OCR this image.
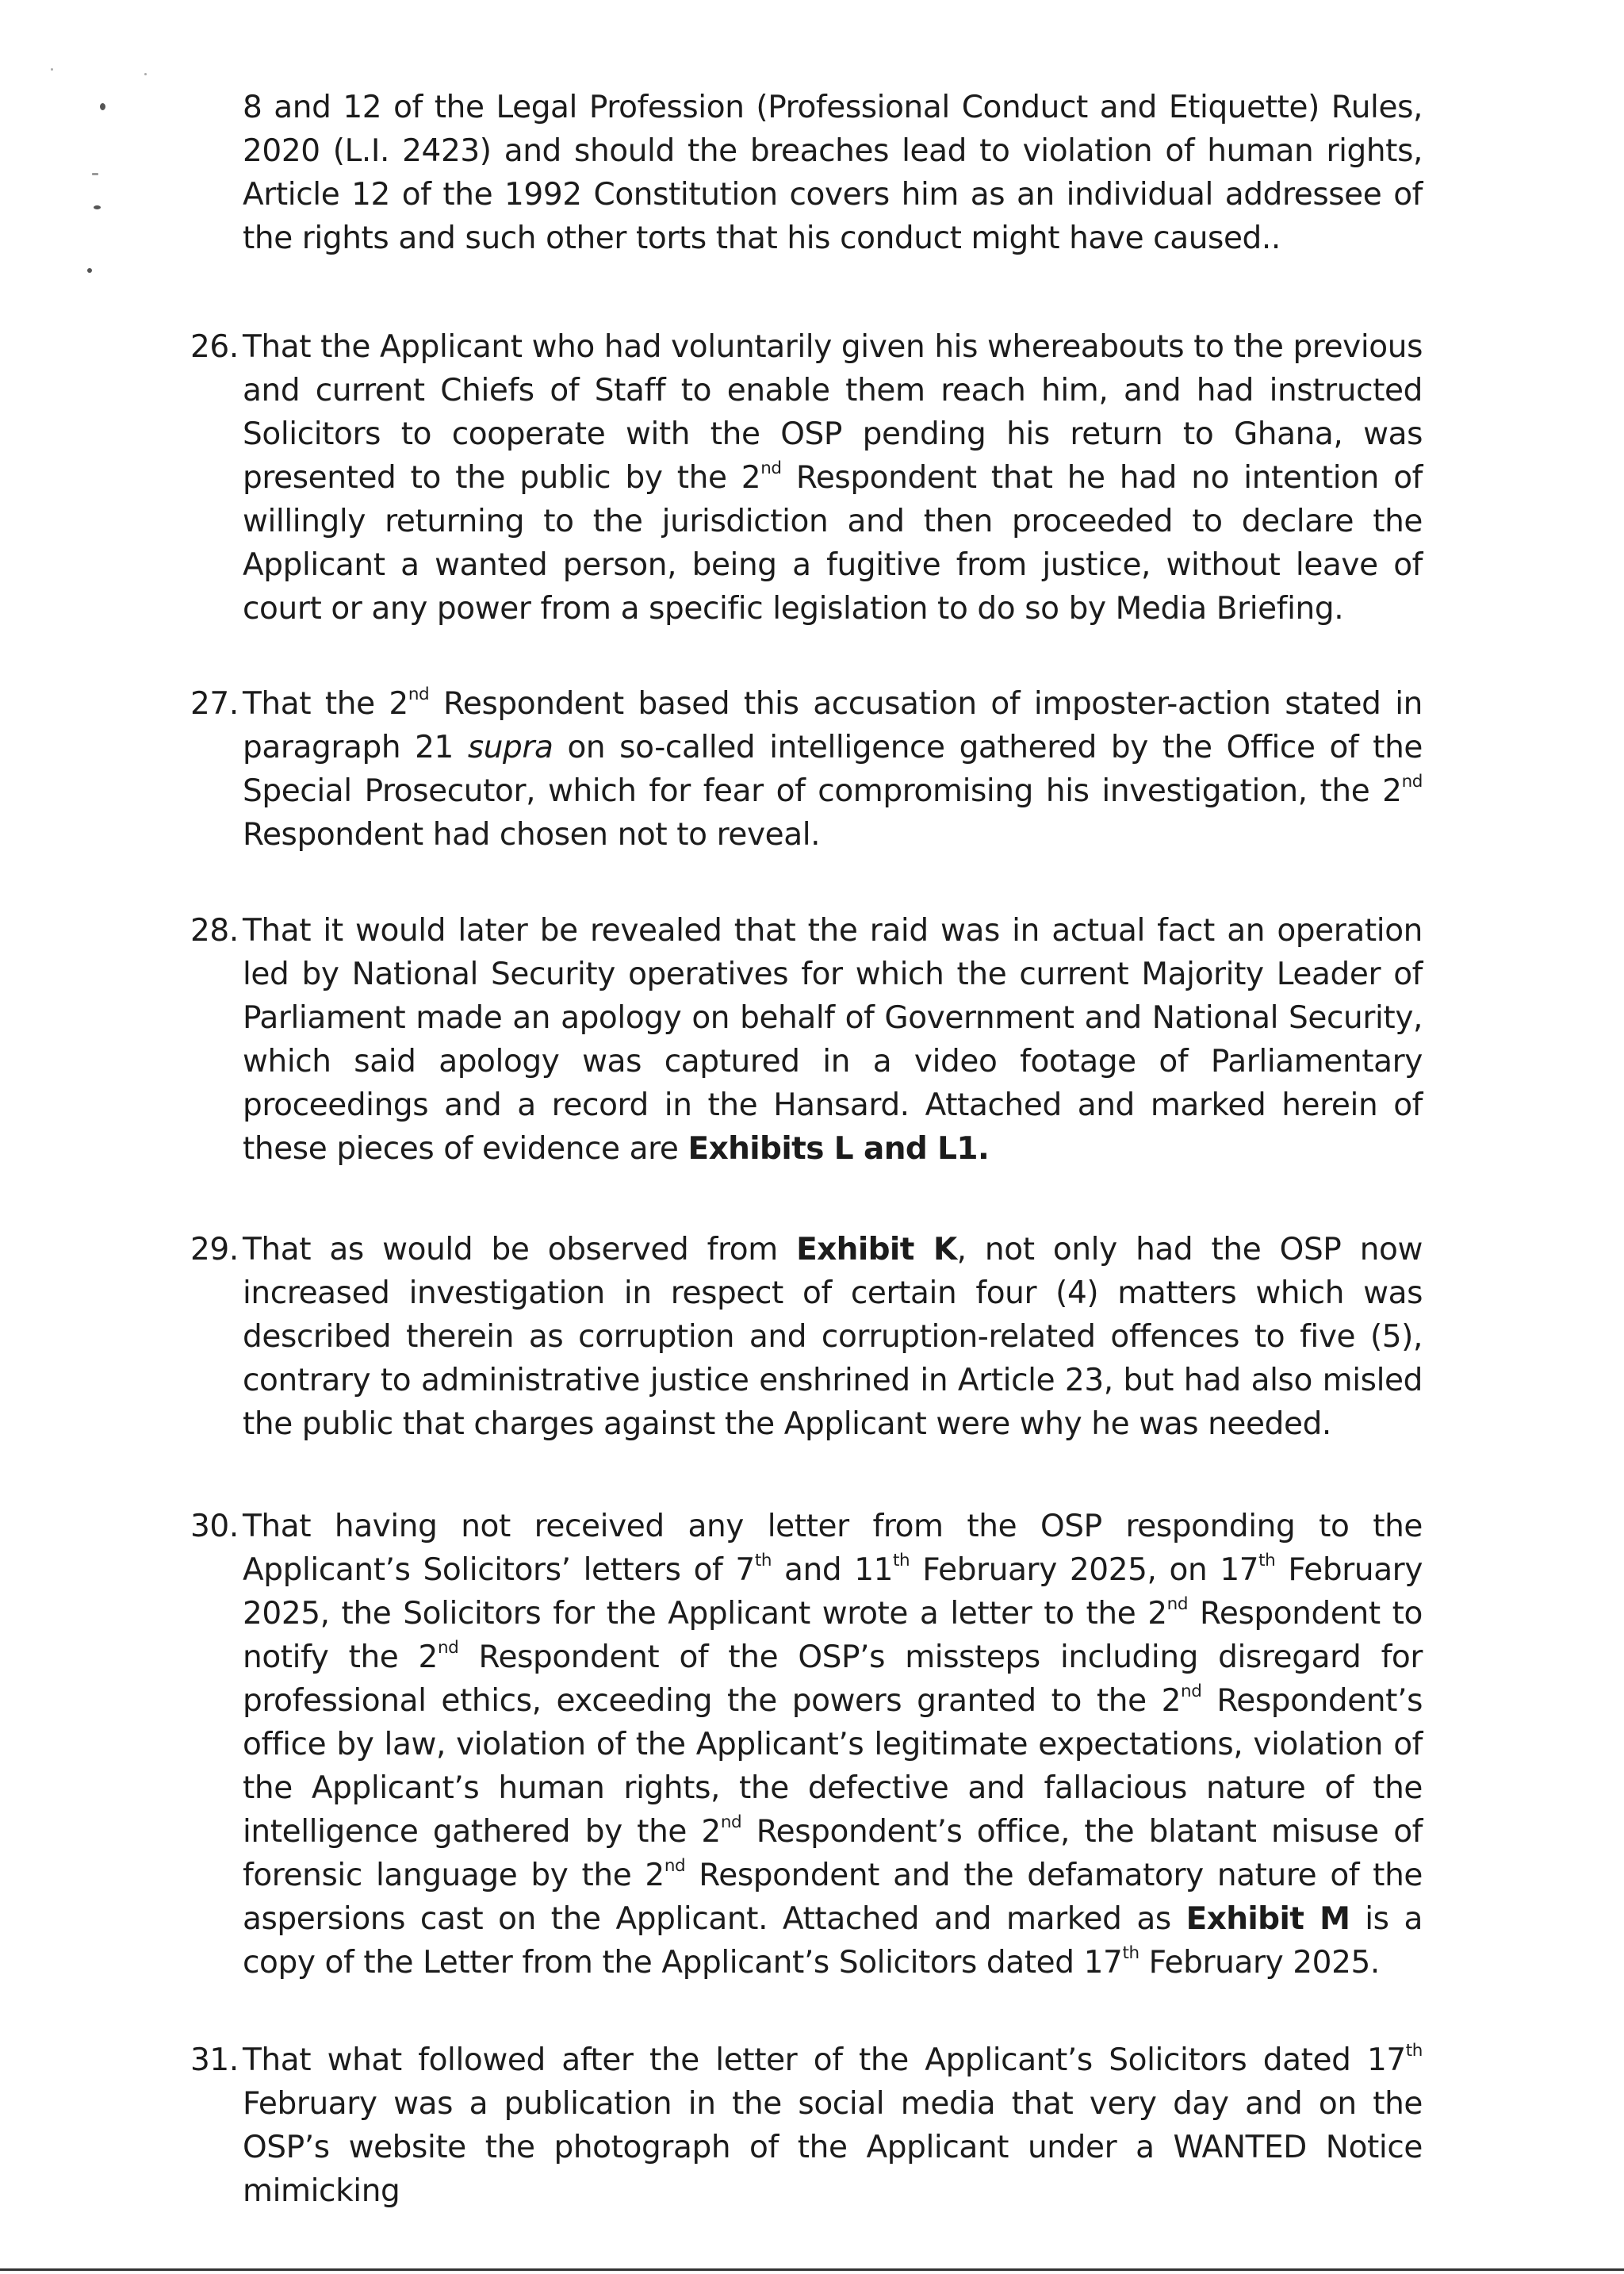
8 and 12 of the Legal Profession (Professional Conduct and Etiquette) Rules, 2020 (L.I. 2423) and should the breaches lead to violation of human rights, Article 12 of the 1992 Constitution covers him as an individual addressee of the rights and such other torts that his conduct might have caused..
26. That the Applicant who had voluntarily given his whereabouts to the previous and current Chiefs of Staff to enable them reach him, and had instructed Solicitors to cooperate with the OSP pending his return to Ghana, was presented to the public by the 2nd Respondent that he had no intention of willingly returning to the jurisdiction and then proceeded to declare the Applicant a wanted person, being a fugitive from justice, without leave of court or any power from a specific legislation to do so by Media Briefing.
27. That the 2nd Respondent based this accusation of imposter-action stated in paragraph 21 supra on so-called intelligence gathered by the Office of the Special Prosecutor, which for fear of compromising his investigation, the 2nd Respondent had chosen not to reveal.
28. That it would later be revealed that the raid was in actual fact an operation led by National Security operatives for which the current Majority Leader of Parliament made an apology on behalf of Government and National Security, which said apology was captured in a video footage of Parliamentary proceedings and a record in the Hansard. Attached and marked herein of these pieces of evidence are Exhibits L and L1.
29. That as would be observed from Exhibit K, not only had the OSP now increased investigation in respect of certain four (4) matters which was described therein as corruption and corruption-related offences to five (5), contrary to administrative justice enshrined in Article 23, but had also misled the public that charges against the Applicant were why he was needed.
30. That having not received any letter from the OSP responding to the Applicant’s Solicitors’ letters of 7th and 11th February 2025, on 17th February 2025, the Solicitors for the Applicant wrote a letter to the 2nd Respondent to notify the 2nd Respondent of the OSP’s missteps including disregard for professional ethics, exceeding the powers granted to the 2nd Respondent’s office by law, violation of the Applicant’s legitimate expectations, violation of the Applicant’s human rights, the defective and fallacious nature of the intelligence gathered by the 2nd Respondent’s office, the blatant misuse of forensic language by the 2nd Respondent and the defamatory nature of the aspersions cast on the Applicant. Attached and marked as Exhibit M is a copy of the Letter from the Applicant’s Solicitors dated 17th February 2025.
31. That what followed after the letter of the Applicant’s Solicitors dated 17th February was a publication in the social media that very day and on the OSP’s website the photograph of the Applicant under a WANTED Notice mimicking
